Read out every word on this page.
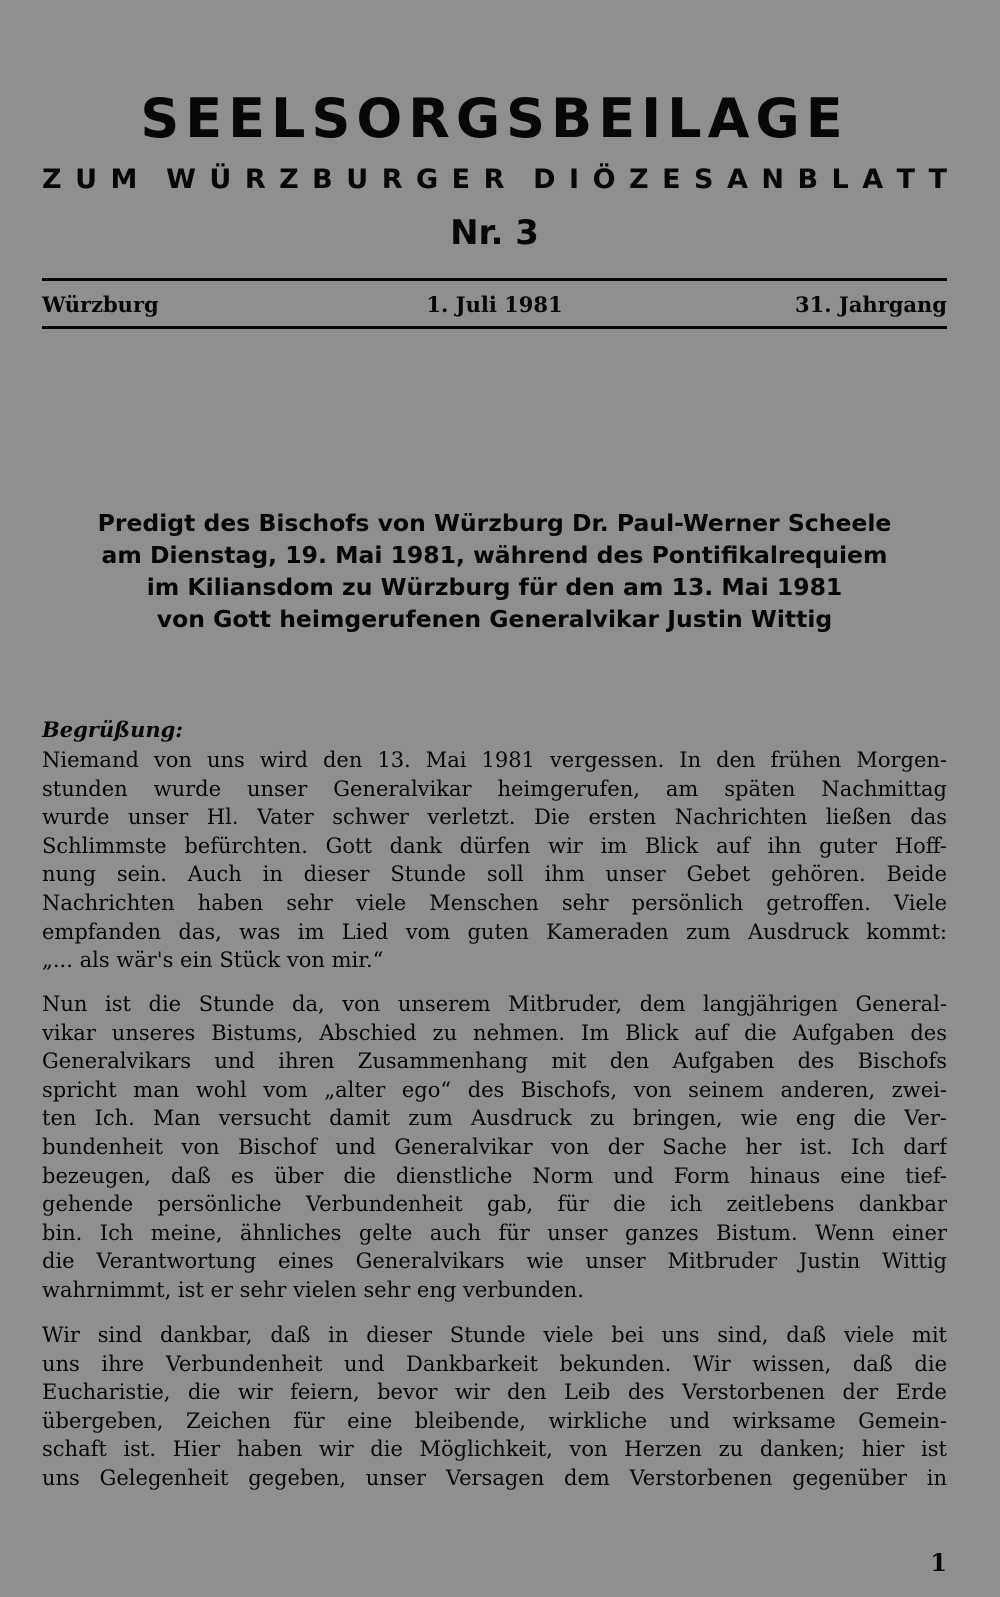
SEELSORGSBEILAGE
Z U M W Ü R Z B U R G E R D I Ö Z E S A N B L A T T
Nr. 3
Würzburg	1. Juli 1981	31. Jahrgang
Predigt des Bischofs von Würzburg Dr. Paul-Werner Scheele
am Dienstag, 19. Mai 1981, während des Pontifikalrequiem
im Kiliansdom zu Würzburg für den am 13. Mai 1981
von Gott heimgerufenen Generalvikar Justin Wittig
Begrüßung:
Niemand von uns wird den 13. Mai 1981 vergessen. In den frühen Morgen-
stunden wurde unser Generalvikar heimgerufen, am späten Nachmittag
wurde unser Hl. Vater schwer verletzt. Die ersten Nachrichten ließen das
Schlimmste befürchten. Gott dank dürfen wir im Blick auf ihn guter Hoff-
nung sein. Auch in dieser Stunde soll ihm unser Gebet gehören. Beide
Nachrichten haben sehr viele Menschen sehr persönlich getroffen. Viele
empfanden das, was im Lied vom guten Kameraden zum Ausdruck kommt:
„... als wär's ein Stück von mir.“
Nun ist die Stunde da, von unserem Mitbruder, dem langjährigen General-
vikar unseres Bistums, Abschied zu nehmen. Im Blick auf die Aufgaben des
Generalvikars und ihren Zusammenhang mit den Aufgaben des Bischofs
spricht man wohl vom „alter ego“ des Bischofs, von seinem anderen, zwei-
ten Ich. Man versucht damit zum Ausdruck zu bringen, wie eng die Ver-
bundenheit von Bischof und Generalvikar von der Sache her ist. Ich darf
bezeugen, daß es über die dienstliche Norm und Form hinaus eine tief-
gehende persönliche Verbundenheit gab, für die ich zeitlebens dankbar
bin. Ich meine, ähnliches gelte auch für unser ganzes Bistum. Wenn einer
die Verantwortung eines Generalvikars wie unser Mitbruder Justin Wittig
wahrnimmt, ist er sehr vielen sehr eng verbunden.
Wir sind dankbar, daß in dieser Stunde viele bei uns sind, daß viele mit
uns ihre Verbundenheit und Dankbarkeit bekunden. Wir wissen, daß die
Eucharistie, die wir feiern, bevor wir den Leib des Verstorbenen der Erde
übergeben, Zeichen für eine bleibende, wirkliche und wirksame Gemein-
schaft ist. Hier haben wir die Möglichkeit, von Herzen zu danken; hier ist
uns Gelegenheit gegeben, unser Versagen dem Verstorbenen gegenüber in
1
